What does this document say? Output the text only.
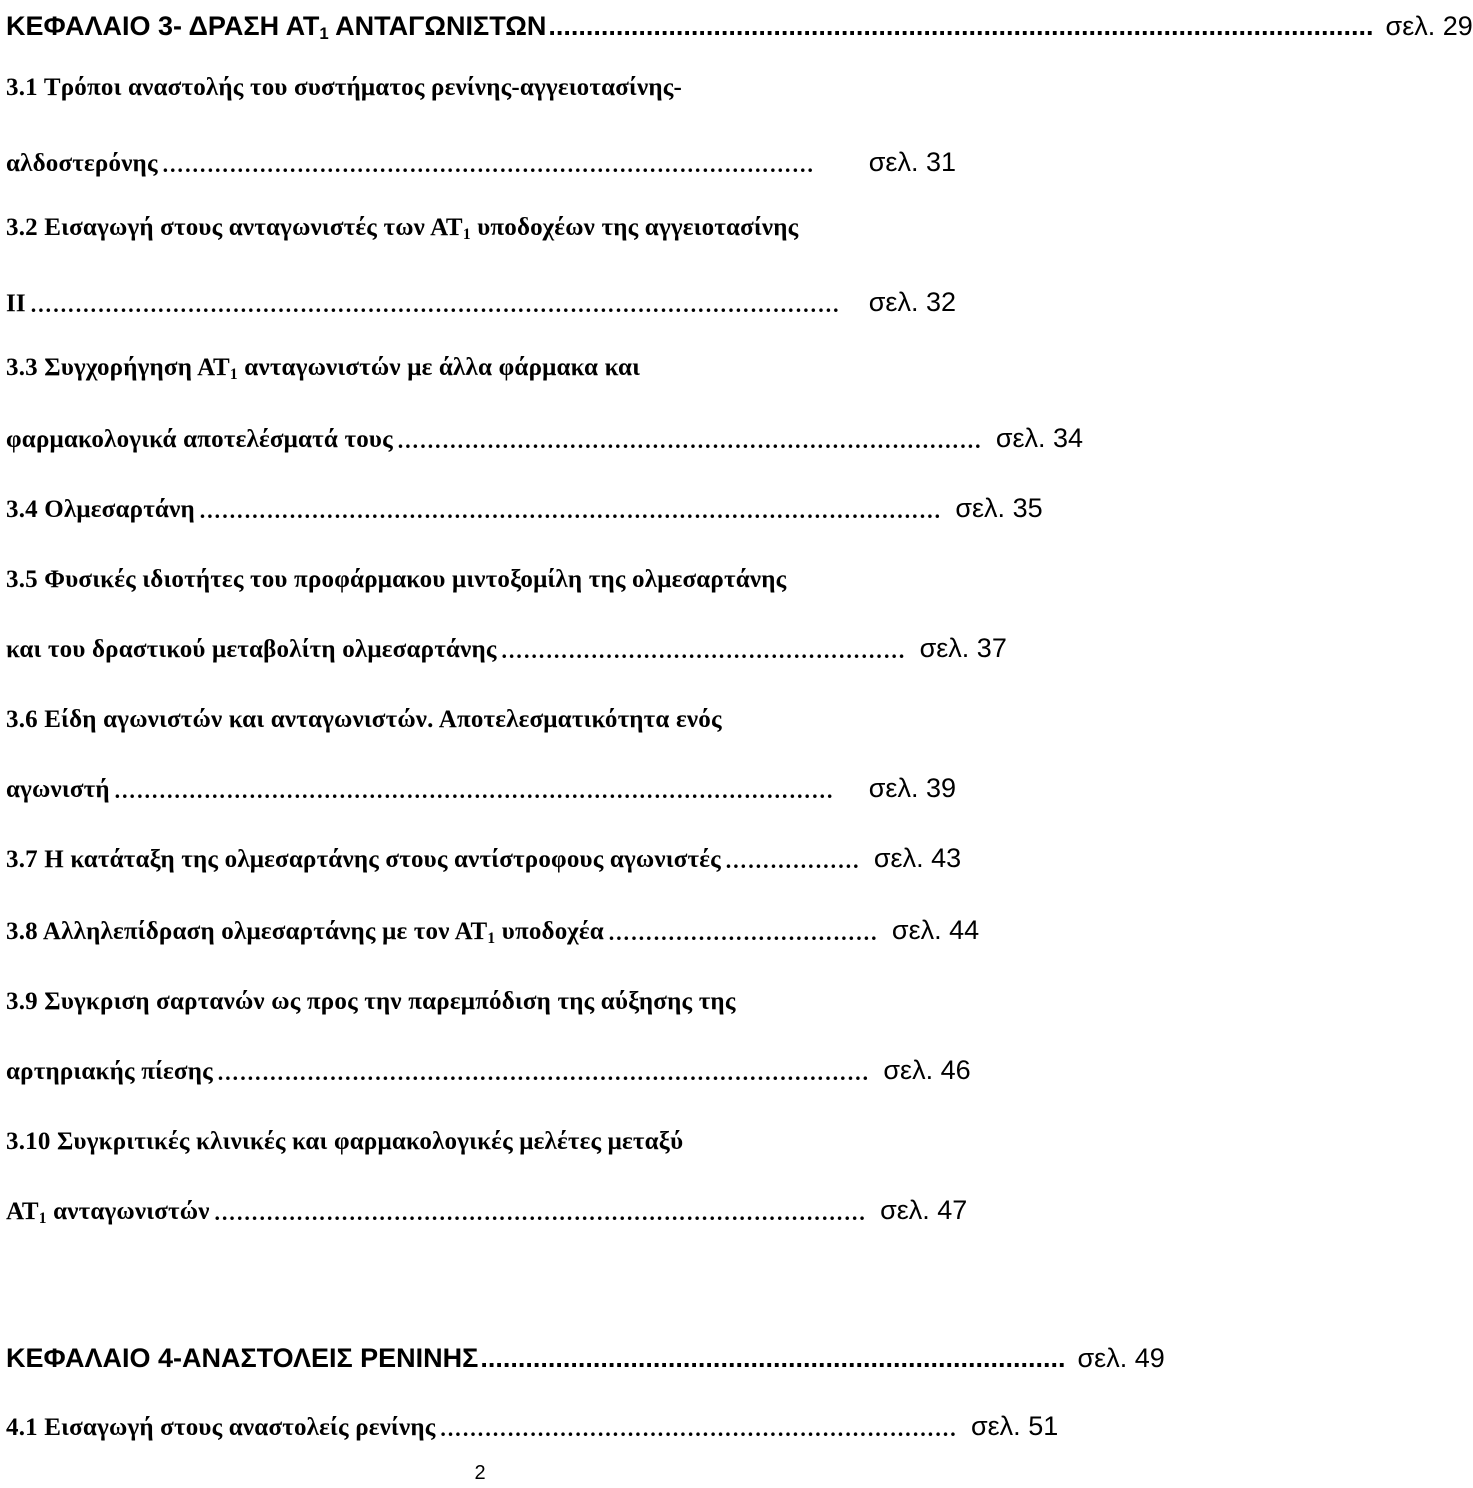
ΚΕΦΑΛΑΙΟ 3- ΔΡΑΣΗ $AT_1$ ΑΝΤΑΓΩΝΙΣΤΩΝ .............................................................................................................. σελ. 29
3.1 Τρόποι αναστολής του συστήματος ρενίνης-αγγειοτασίνης-
αλδοστερόνης ……………………………………………………………………………	σελ. 31
3.2 Εισαγωγή στους ανταγωνιστές των $AT_1$ υποδοχέων της αγγειοτασίνης
ΙΙ ………………………………………………………………………………………………	σελ. 32
3.3 Συγχορήγηση $AT_1$ ανταγωνιστών με άλλα φάρμακα και
φαρμακολογικά αποτελέσματά τους …………………………………………………………………… σελ. 34
3.4 Ολμεσαρτάνη ……………………………………………………………………………………… σελ. 35
3.5 Φυσικές ιδιοτήτες του προφάρμακου μιντοξομίλη της ολμεσαρτάνης
και του δραστικού μεταβολίτη ολμεσαρτάνης ……………………………………………… σελ. 37
3.6 Είδη αγωνιστών και ανταγωνιστών. Αποτελεσματικότητα ενός
αγωνιστή ……………………………………………………………………………………	σελ. 39
3.7 Η κατάταξη της ολμεσαρτάνης στους αντίστροφους αγωνιστές ……………… σελ. 43
3.8 Αλληλεπίδραση ολμεσαρτάνης με τον $AT_1$ υποδοχέα ……………………………… σελ. 44
3.9 Συγκριση σαρτανών ως προς την παρεμπόδιση της αύξησης της
αρτηριακής πίεσης …………………………………………………………………………… σελ. 46
3.10 Συγκριτικές κλινικές και φαρμακολογικές μελέτες μεταξύ
$AT_1$ ανταγωνιστών …………………………………………………………………………… σελ. 47
ΚΕΦΑΛΑΙΟ 4-ΑΝΑΣΤΟΛΕΙΣ ΡΕΝΙΝΗΣ .............................................................................. σελ. 49
4.1 Εισαγωγή στους αναστολείς ρενίνης …………………………………………………………… σελ. 51
2
